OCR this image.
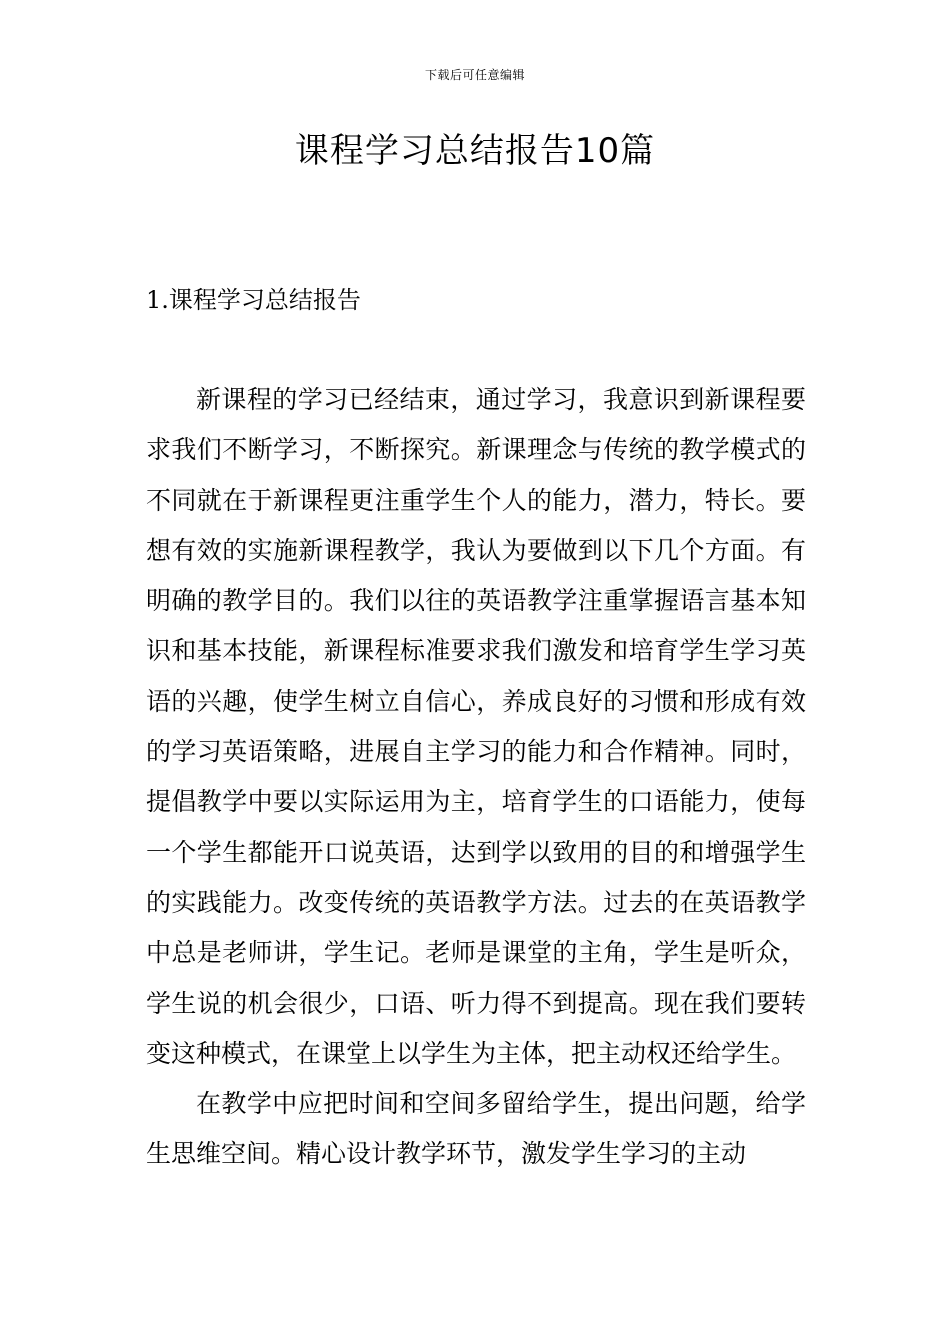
下载后可任意编辑
课程学习总结报告10篇
1.课程学习总结报告

新课程的学习已经结束，通过学习，我意识到新课程要求我们不断学习，不断探究。新课理念与传统的教学模式的不同就在于新课程更注重学生个人的能力，潜力，特长。要想有效的实施新课程教学，我认为要做到以下几个方面。有明确的教学目的。我们以往的英语教学注重掌握语言基本知识和基本技能，新课程标准要求我们激发和培育学生学习英语的兴趣，使学生树立自信心，养成良好的习惯和形成有效的学习英语策略，进展自主学习的能力和合作精神。同时，提倡教学中要以实际运用为主，培育学生的口语能力，使每一个学生都能开口说英语，达到学以致用的目的和增强学生的实践能力。改变传统的英语教学方法。过去的在英语教学中总是老师讲，学生记。老师是课堂的主角，学生是听众，学生说的机会很少，口语、听力得不到提高。现在我们要转变这种模式，在课堂上以学生为主体，把主动权还给学生。

在教学中应把时间和空间多留给学生，提出问题，给学生思维空间。精心设计教学环节，激发学生学习的主动
